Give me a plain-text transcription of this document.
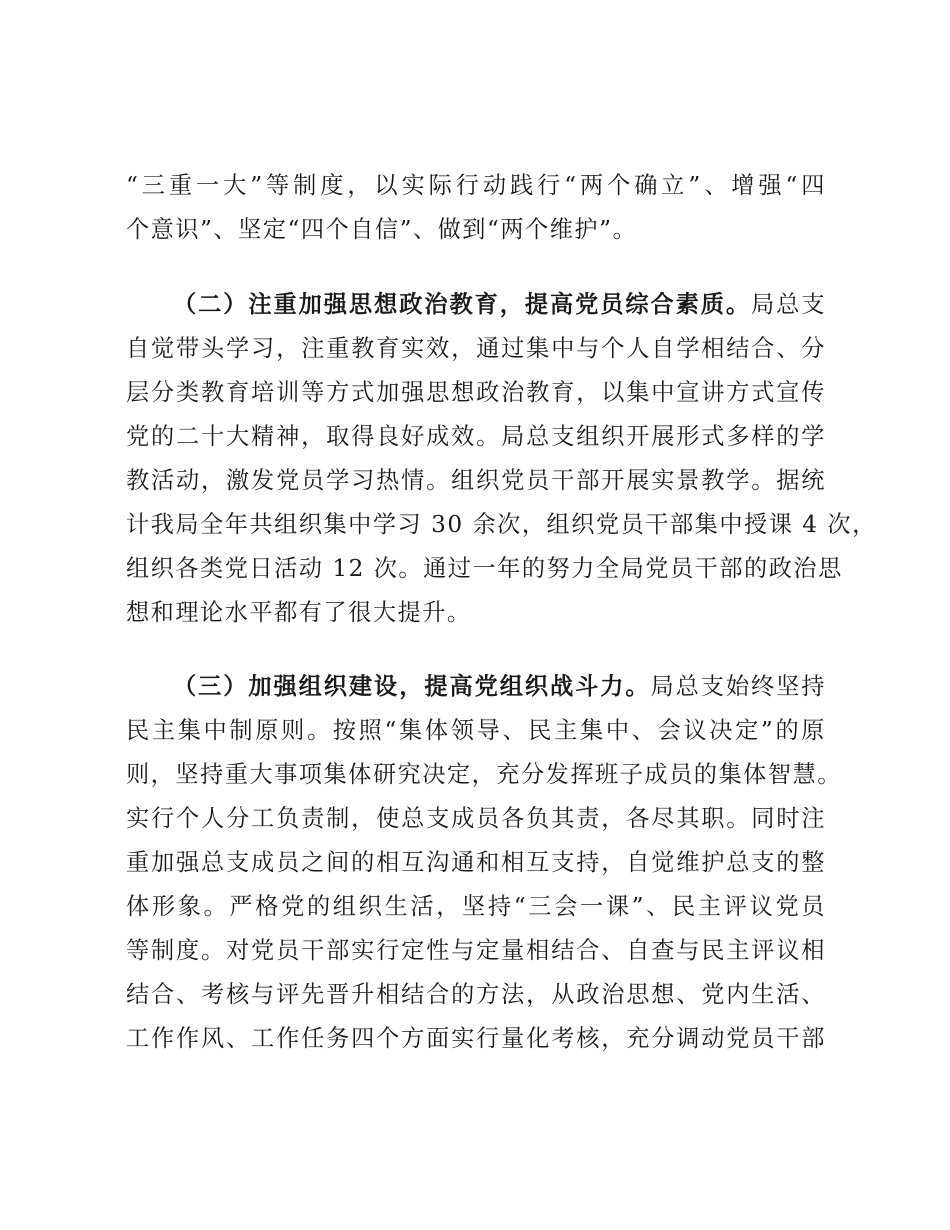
“三重一大”等制度，以实际行动践行“两个确立”、增强“四
个意识”、坚定“四个自信”、做到“两个维护”。
（二）注重加强思想政治教育，提高党员综合素质。局总支
自觉带头学习，注重教育实效，通过集中与个人自学相结合、分
层分类教育培训等方式加强思想政治教育，以集中宣讲方式宣传
党的二十大精神，取得良好成效。局总支组织开展形式多样的学
教活动，激发党员学习热情。组织党员干部开展实景教学。据统
计我局全年共组织集中学习 30 余次，组织党员干部集中授课 4 次，
组织各类党日活动 12 次。通过一年的努力全局党员干部的政治思
想和理论水平都有了很大提升。
（三）加强组织建设，提高党组织战斗力。局总支始终坚持
民主集中制原则。按照“集体领导、民主集中、会议决定”的原
则，坚持重大事项集体研究决定，充分发挥班子成员的集体智慧。
实行个人分工负责制，使总支成员各负其责，各尽其职。同时注
重加强总支成员之间的相互沟通和相互支持，自觉维护总支的整
体形象。严格党的组织生活，坚持“三会一课”、民主评议党员
等制度。对党员干部实行定性与定量相结合、自查与民主评议相
结合、考核与评先晋升相结合的方法，从政治思想、党内生活、
工作作风、工作任务四个方面实行量化考核，充分调动党员干部
